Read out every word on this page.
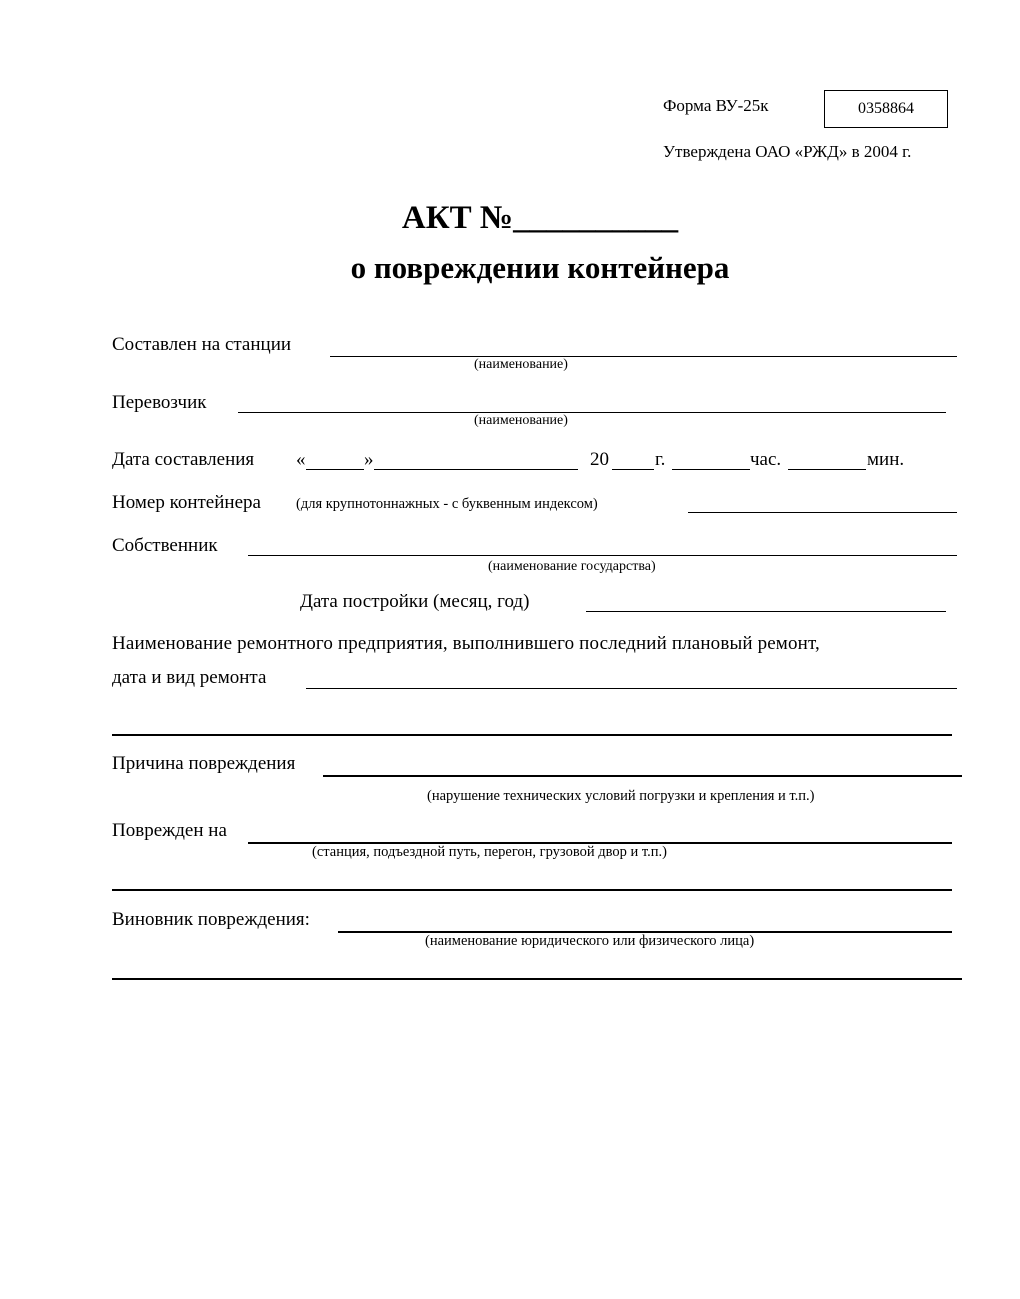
Форма ВУ-25к	0358864
Утверждена ОАО «РЖД» в 2004 г.
АКТ №__________
о повреждении контейнера
Составлен на станции
(наименование)
Перевозчик
(наименование)
Дата составления «	»	20 г.	час.	мин.
Номер контейнера (для крупнотоннажных - с буквенным индексом)
Собственник
(наименование государства)
Дата постройки (месяц, год)
Наименование ремонтного предприятия, выполнившего последний плановый ремонт,
дата и вид ремонта
Причина повреждения
(нарушение технических условий погрузки и крепления и т.п.)
Поврежден на
(станция, подъездной путь, перегон, грузовой двор и т.п.)
Виновник повреждения:
(наименование юридического или физического лица)
